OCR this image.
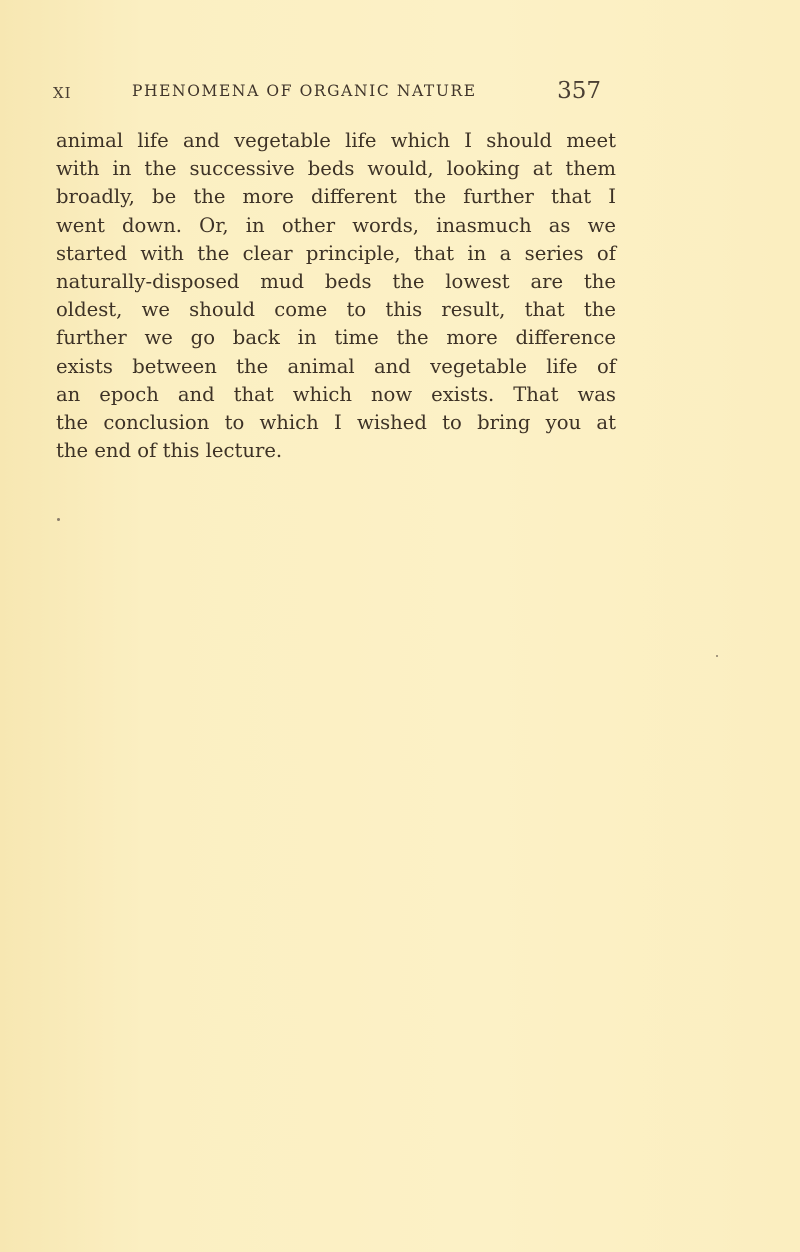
XI	PHENOMENA OF ORGANIC NATURE	357
animal life and vegetable life which I should meet
with in the successive beds would, looking at them
broadly, be the more different the further that I
went down. Or, in other words, inasmuch as we
started with the clear principle, that in a series of
naturally-disposed mud beds the lowest are the
oldest, we should come to this result, that the
further we go back in time the more difference
exists between the animal and vegetable life of
an epoch and that which now exists. That was
the conclusion to which I wished to bring you at
the end of this lecture.
